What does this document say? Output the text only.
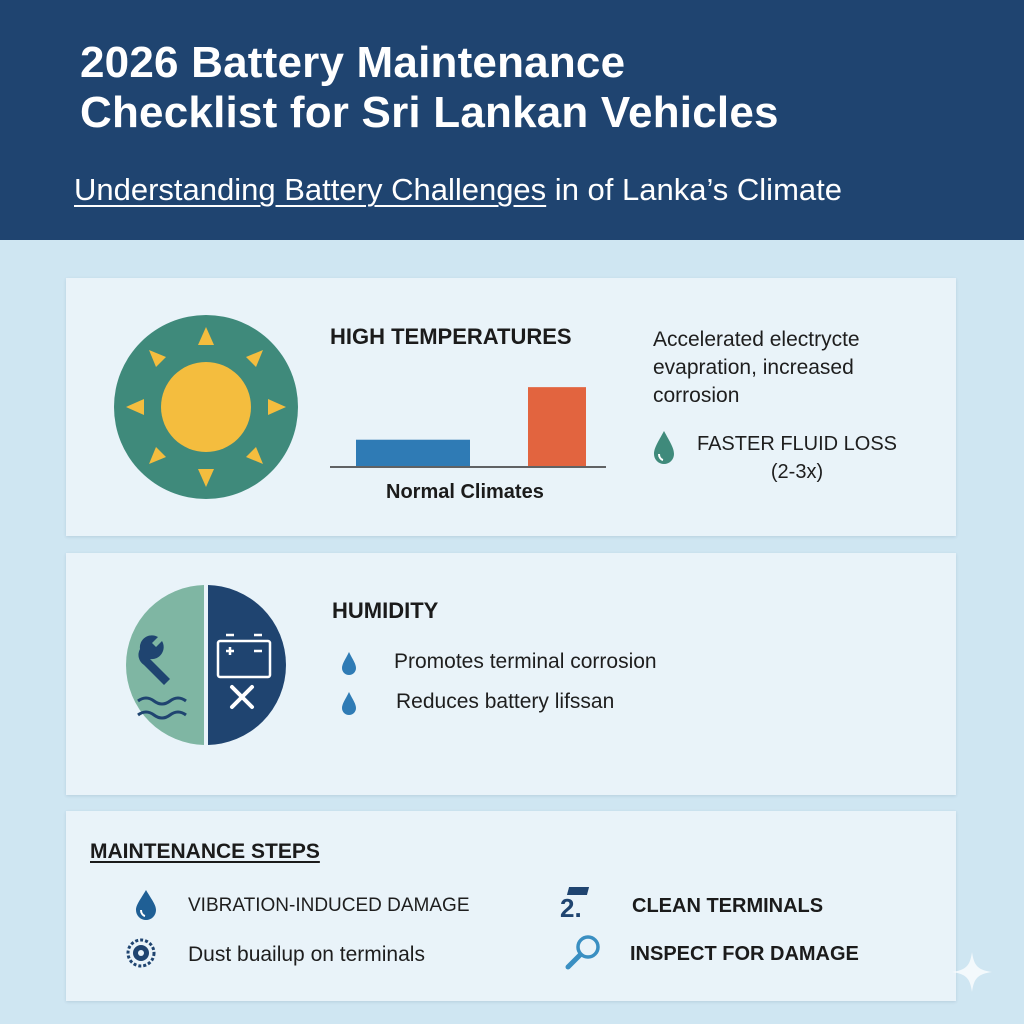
2026 Battery Maintenance
Checklist for Sri Lankan Vehicles
Understanding Battery Challenges in of Lanka’s Climate
HIGH TEMPERATURES
Normal Climates
Accelerated electrycte
evapration, increased
corrosion
FASTER FLUID LOSS
(2-3x)
HUMIDITY
Promotes terminal corrosion
Reduces battery lifssan
MAINTENANCE STEPS
VIBRATION-INDUCED DAMAGE
Dust buailup on terminals
2.	CLEAN TERMINALS
INSPECT FOR DAMAGE
